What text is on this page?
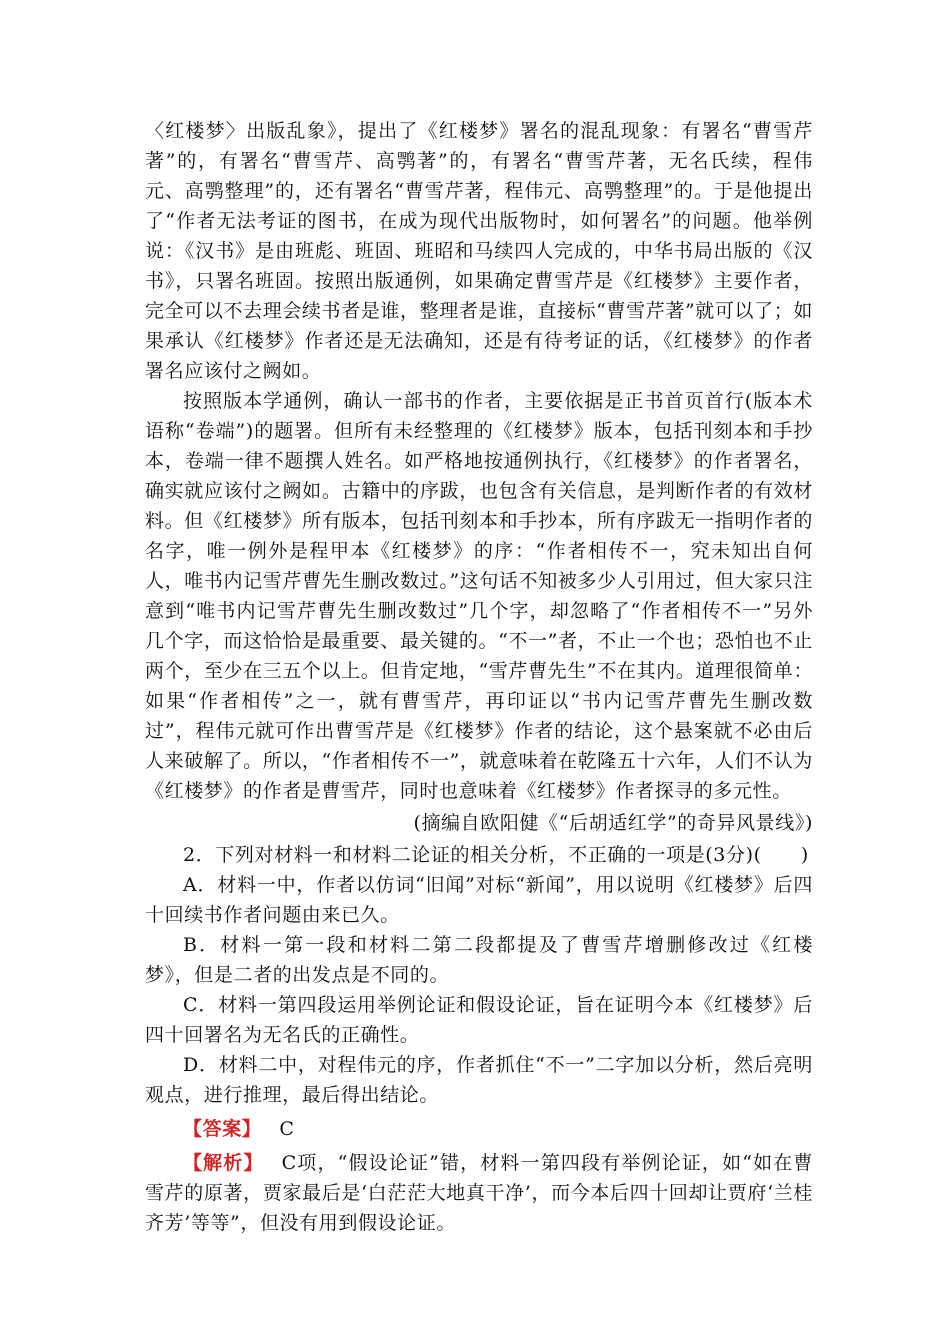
〈红楼梦〉出版乱象》，提出了《红楼梦》署名的混乱现象：有署名“曹雪芹著”的，有署名“曹雪芹、高鹗著”的，有署名“曹雪芹著，无名氏续，程伟元、高鹗整理”的，还有署名“曹雪芹著，程伟元、高鹗整理”的。于是他提出了“作者无法考证的图书，在成为现代出版物时，如何署名”的问题。他举例说：《汉书》是由班彪、班固、班昭和马续四人完成的，中华书局出版的《汉书》，只署名班固。按照出版通例，如果确定曹雪芹是《红楼梦》主要作者，完全可以不去理会续书者是谁，整理者是谁，直接标“曹雪芹著”就可以了；如果承认《红楼梦》作者还是无法确知，还是有待考证的话，《红楼梦》的作者署名应该付之阙如。

按照版本学通例，确认一部书的作者，主要依据是正书首页首行(版本术语称“卷端”)的题署。但所有未经整理的《红楼梦》版本，包括刊刻本和手抄本，卷端一律不题撰人姓名。如严格地按通例执行，《红楼梦》的作者署名，确实就应该付之阙如。古籍中的序跋，也包含有关信息，是判断作者的有效材料。但《红楼梦》所有版本，包括刊刻本和手抄本，所有序跋无一指明作者的名字，唯一例外是程甲本《红楼梦》的序：“作者相传不一，究未知出自何人，唯书内记雪芹曹先生删改数过。”这句话不知被多少人引用过，但大家只注意到“唯书内记雪芹曹先生删改数过”几个字，却忽略了“作者相传不一”另外几个字，而这恰恰是最重要、最关键的。“不一”者，不止一个也；恐怕也不止两个，至少在三五个以上。但肯定地，“雪芹曹先生”不在其内。道理很简单：如果“作者相传”之一，就有曹雪芹，再印证以“书内记雪芹曹先生删改数过”，程伟元就可作出曹雪芹是《红楼梦》作者的结论，这个悬案就不必由后人来破解了。所以，“作者相传不一”，就意味着在乾隆五十六年，人们不认为《红楼梦》的作者是曹雪芹，同时也意味着《红楼梦》作者探寻的多元性。

(摘编自欧阳健《“后胡适红学”的奇异风景线》)

2．下列对材料一和材料二论证的相关分析，不正确的一项是(3分)(　　)

A．材料一中，作者以仿词“旧闻”对标“新闻”，用以说明《红楼梦》后四十回续书作者问题由来已久。

B．材料一第一段和材料二第二段都提及了曹雪芹增删修改过《红楼梦》，但是二者的出发点是不同的。

C．材料一第四段运用举例论证和假设论证，旨在证明今本《红楼梦》后四十回署名为无名氏的正确性。

D．材料二中，对程伟元的序，作者抓住“不一”二字加以分析，然后亮明观点，进行推理，最后得出结论。

【答案】 C

【解析】 C项，“假设论证”错，材料一第四段有举例论证，如“如在曹雪芹的原著，贾家最后是‘白茫茫大地真干净’，而今本后四十回却让贾府‘兰桂齐芳’等等”，但没有用到假设论证。
